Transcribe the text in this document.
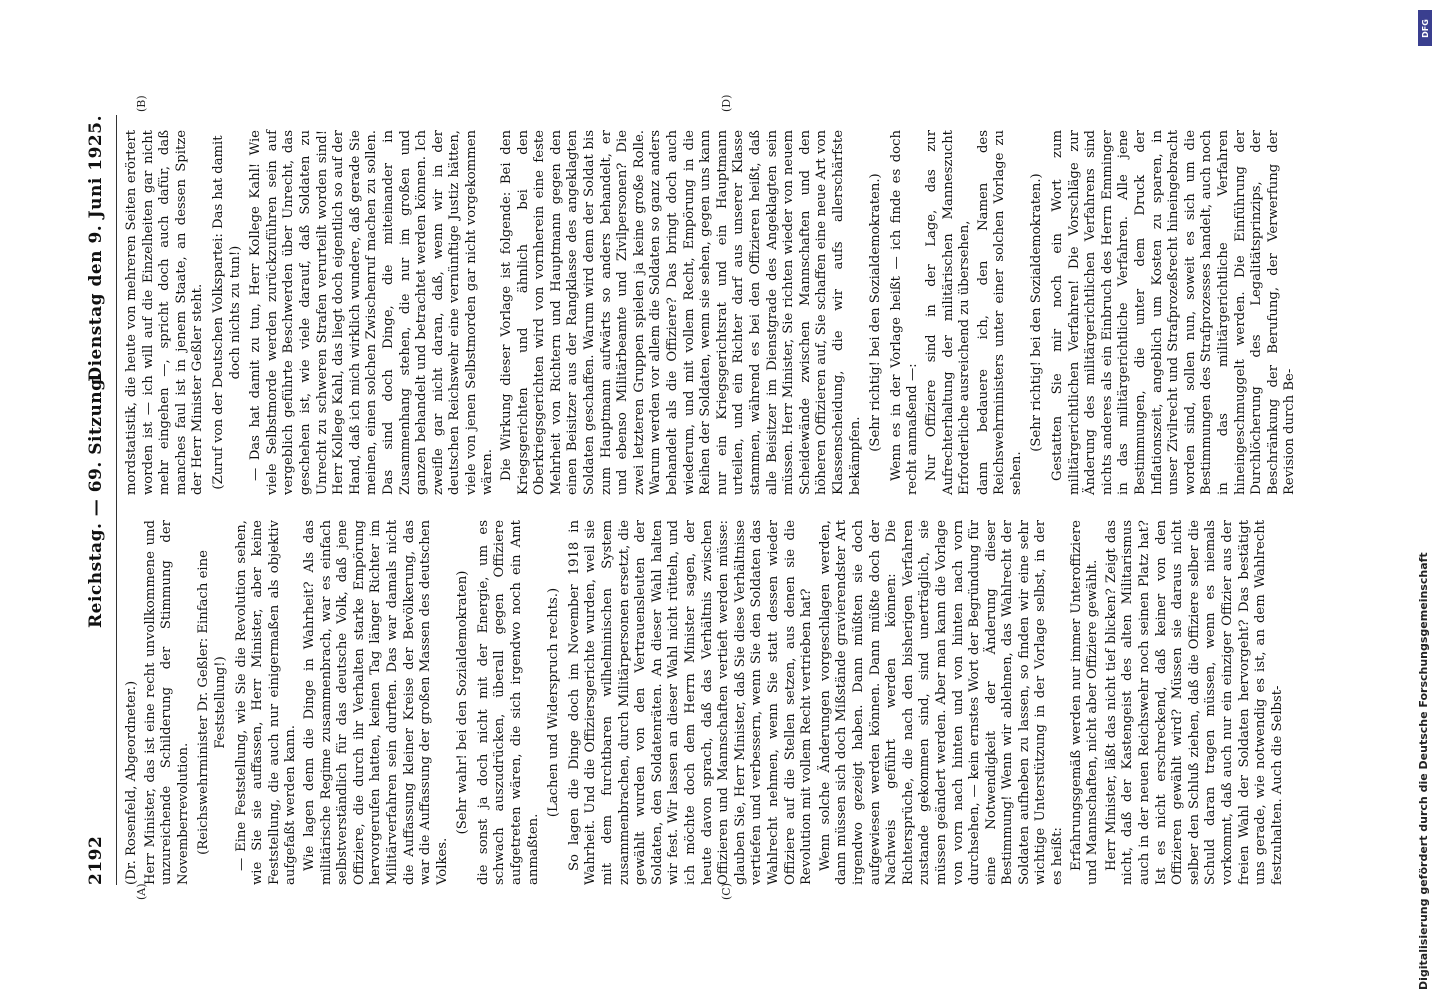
2192
Reichstag. — 69. Sitzung.
Dienstag den 9. Juni 1925.
(A)	(C)
(B)	(D)

(Dr. Rosenfeld, Abgeordneter.) Herr Minister, das ist eine recht unvollkommene und unzureichende Schilderung der Stimmung der Novemberrevolution. (Reichswehrminister Dr. Geßler: Einfach eine Feststellung!) — Eine Feststellung, wie Sie die Revolution sehen, wie Sie sie auffassen, Herr Minister, aber keine Feststellung, die auch nur einigermaßen als objektiv aufgefaßt werden kann. Wie lagen denn die Dinge in Wahrheit? Als das militärische Regime zusammenbrach, war es einfach selbstverständlich für das deutsche Volk, daß jene Offiziere, die durch ihr Verhalten starke Empörung hervorgerufen hatten, keinen Tag länger Richter im Militärverfahren sein durften. Das war damals nicht die Auffassung kleiner Kreise der Bevölkerung, das war die Auffassung der großen Massen des deutschen Volkes.

(Sehr wahr! bei den Sozialdemokraten) die sonst ja doch nicht mit der Energie, um es schwach auszudrücken, überall gegen Offiziere aufgetreten wären, die sich irgendwo noch ein Amt anmaßten.

(Lachen und Widerspruch rechts.) So lagen die Dinge doch im November 1918 in Wahrheit. Und die Offiziersgerichte wurden, weil sie mit dem furchtbaren wilhelminischen System zusammenbrachen, durch Militärpersonen ersetzt, die gewählt wurden von den Vertrauensleuten der Soldaten, den Soldatenräten. An dieser Wahl halten wir fest. Wir lassen an dieser Wahl nicht rütteln, und ich möchte doch dem Herrn Minister sagen, der heute davon sprach, daß das Verhältnis zwischen Offizieren und Mannschaften vertieft werden müsse: glauben Sie, Herr Minister, daß Sie diese Verhältnisse vertiefen und verbessern, wenn Sie den Soldaten das Wahlrecht nehmen, wenn Sie statt dessen wieder Offiziere auf die Stellen setzen, aus denen sie die Revolution mit vollem Recht vertrieben hat? Wenn solche Änderungen vorgeschlagen werden, dann müssen sich doch Mißstände gravierendster Art irgendwo gezeigt haben. Dann müßten sie doch aufgewiesen werden können. Dann müßte doch der Nachweis geführt werden können: Die Richtersprüche, die nach den bisherigen Verfahren zustande gekommen sind, sind unerträglich, sie müssen geändert werden. Aber man kann die Vorlage von vorn nach hinten und von hinten nach vorn durchsehen, — kein ernstes Wort der Begründung für eine Notwendigkeit der Änderung dieser Bestimmung! Wenn wir ablehnen, das Wahlrecht der Soldaten aufheben zu lassen, so finden wir eine sehr wichtige Unterstützung in der Vorlage selbst, in der es heißt: Erfahrungsgemäß werden nur immer Unteroffiziere und Mannschaften, nicht aber Offiziere gewählt. Herr Minister, läßt das nicht tief blicken? Zeigt das nicht, daß der Kastengeist des alten Militarismus auch in der neuen Reichswehr noch seinen Platz hat? Ist es nicht erschreckend, daß keiner von den Offizieren gewählt wird? Müssen sie daraus nicht selber den Schluß ziehen, daß die Offiziere selber die Schuld daran tragen müssen, wenn es niemals vorkommt, daß auch nur ein einziger Offizier aus der freien Wahl der Soldaten hervorgeht? Das bestätigt uns gerade, wie notwendig es ist, an dem Wahlrecht festzuhalten. Auch die Selbst-

mordstatistik, die heute von mehreren Seiten erörtert worden ist — ich will auf die Einzelheiten gar nicht mehr eingehen —, spricht doch auch dafür, daß manches faul ist in jenem Staate, an dessen Spitze der Herr Minister Geßler steht. (Zuruf von der Deutschen Volkspartei: Das hat damit doch nichts zu tun!) — Das hat damit zu tun, Herr Kollege Kahl! Wie viele Selbstmorde werden zurückzuführen sein auf vergeblich geführte Beschwerden über Unrecht, das geschehen ist, wie viele darauf, daß Soldaten zu Unrecht zu schweren Strafen verurteilt worden sind! Herr Kollege Kahl, das liegt doch eigentlich so auf der Hand, daß ich mich wirklich wundere, daß gerade Sie meinen, einen solchen Zwischenruf machen zu sollen. Das sind doch Dinge, die miteinander in Zusammenhang stehen, die nur im großen und ganzen behandelt und betrachtet werden können. Ich zweifle gar nicht daran, daß, wenn wir in der deutschen Reichswehr eine vernünftige Justiz hätten, viele von jenen Selbstmorden gar nicht vorgekommen wären. Die Wirkung dieser Vorlage ist folgende: Bei den Kriegsgerichten und ähnlich bei den Oberkriegsgerichten wird von vornherein eine feste Mehrheit von Richtern und Hauptmann gegen den einen Beisitzer aus der Rangklasse des angeklagten Soldaten geschaffen. Warum wird denn der Soldat bis zum Hauptmann aufwärts so anders behandelt, er und ebenso Militärbeamte und Zivilpersonen? Die zwei letzteren Gruppen spielen ja keine große Rolle. Warum werden vor allem die Soldaten so ganz anders behandelt als die Offiziere? Das bringt doch auch wiederum, und mit vollem Recht, Empörung in die Reihen der Soldaten, wenn sie sehen, gegen uns kann nur ein Kriegsgerichtsrat und ein Hauptmann urteilen, und ein Richter darf aus unserer Klasse stammen, während es bei den Offizieren heißt, daß alle Beisitzer im Dienstgrade des Angeklagten sein müssen. Herr Minister, Sie richten wieder von neuem Scheidewände zwischen Mannschaften und den höheren Offizieren auf, Sie schaffen eine neue Art von Klassenscheidung, die wir aufs allerschärfste bekämpfen.

(Sehr richtig! bei den Sozialdemokraten.) Wenn es in der Vorlage heißt — ich finde es doch recht anmaßend —: Nur Offiziere sind in der Lage, das zur Aufrechterhaltung der militärischen Manneszucht Erforderliche ausreichend zu übersehen, dann bedauere ich, den Namen des Reichswehrministers unter einer solchen Vorlage zu sehen.

(Sehr richtig! bei den Sozialdemokraten.) Gestatten Sie mir noch ein Wort zum militärgerichtlichen Verfahren! Die Vorschläge zur Änderung des militärgerichtlichen Verfahrens sind nichts anderes als ein Einbruch des Herrn Emminger in das militärgerichtliche Verfahren. Alle jene Bestimmungen, die unter dem Druck der Inflationszeit, angeblich um Kosten zu sparen, in unser Zivilrecht und Strafprozeßrecht hineingebracht worden sind, sollen nun, soweit es sich um die Bestimmungen des Strafprozesses handelt, auch noch in das militärgerichtliche Verfahren hineingeschmuggelt werden. Die Einführung der Durchlöcherung des Legalitätsprinzips, der Beschränkung der Berufung, der Verwerfung der Revision durch Be-

DFG
Digitalisierung gefördert durch die Deutsche Forschungsgemeinschaft
